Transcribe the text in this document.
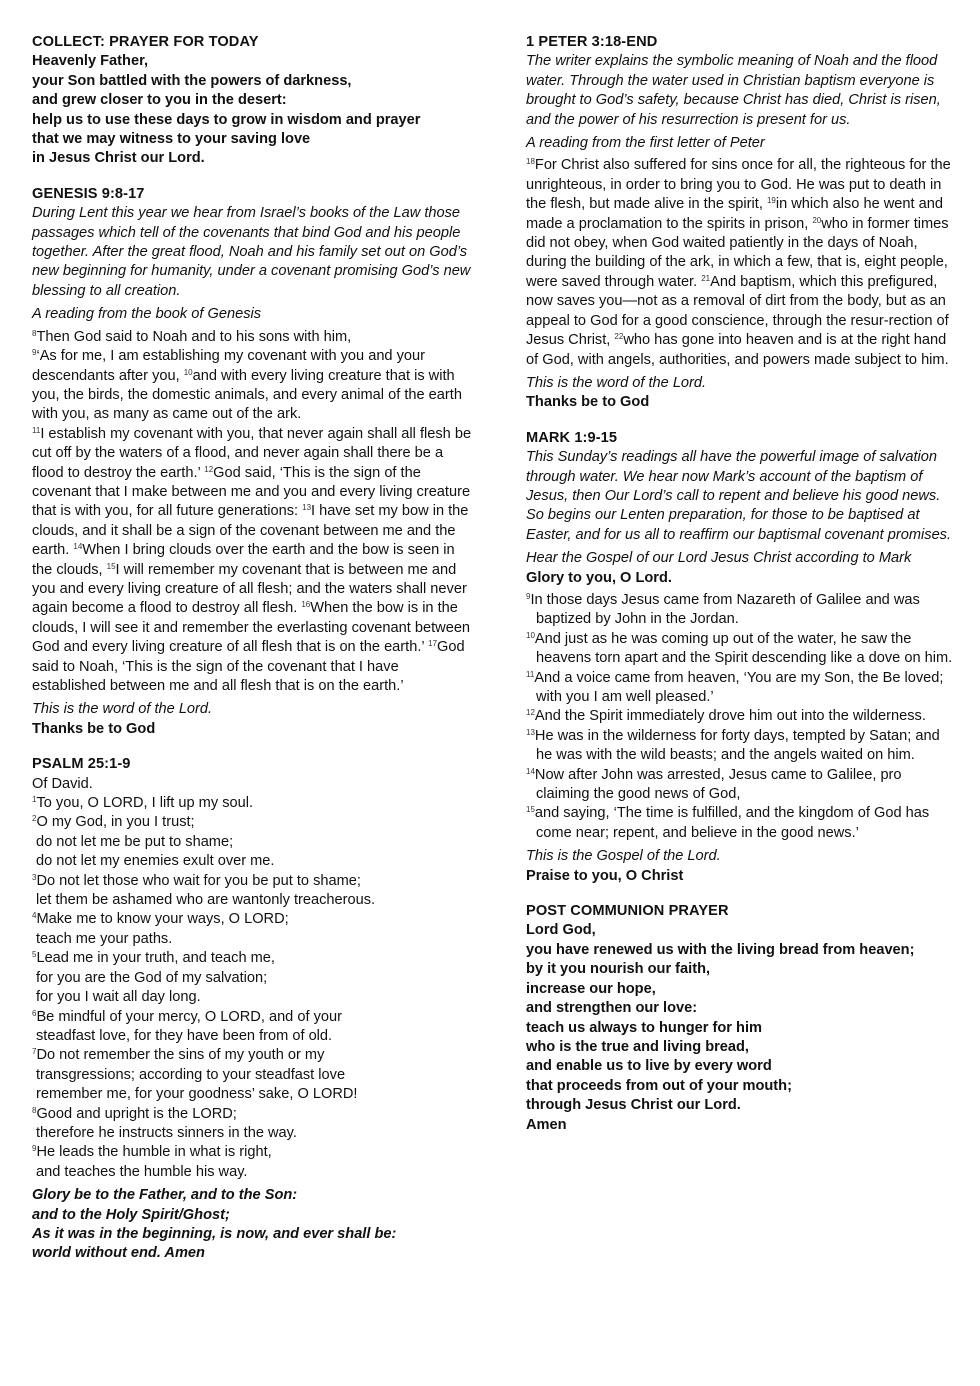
COLLECT: PRAYER FOR TODAY
Heavenly Father,
your Son battled with the powers of darkness,
and grew closer to you in the desert:
help us to use these days to grow in wisdom and prayer
that we may witness to your saving love
in Jesus Christ our Lord.
GENESIS 9:8-17
During Lent this year we hear from Israel’s books of the Law those passages which tell of the covenants that bind God and his people together. After the great flood, Noah and his family set out on God’s new beginning for humanity, under a covenant promising God’s new blessing to all creation.
A reading from the book of Genesis
$^8$Then God said to Noah and to his sons with him,
$^9$‘As for me, I am establishing my covenant with you and your descendants after you, $^{10}$and with every living creature that is with you, the birds, the domestic animals, and every animal of the earth with you, as many as came out of the ark.
$^{11}$I establish my covenant with you, that never again shall all flesh be cut off by the waters of a flood, and never again shall there be a flood to destroy the earth.’ $^{12}$God said, ‘This is the sign of the covenant that I make between me and you and every living creature that is with you, for all future generations: $^{13}$I have set my bow in the clouds, and it shall be a sign of the covenant between me and the earth. $^{14}$When I bring clouds over the earth and the bow is seen in the clouds, $^{15}$I will remember my covenant that is between me and you and every living creature of all flesh; and the waters shall never again become a flood to destroy all flesh. $^{16}$When the bow is in the clouds, I will see it and remember the everlasting covenant between God and every living creature of all flesh that is on the earth.’ $^{17}$God said to Noah, ‘This is the sign of the covenant that I have established between me and all flesh that is on the earth.’
This is the word of the Lord.
Thanks be to God
PSALM 25:1-9
Of David.
$^1$To you, O LORD, I lift up my soul.
$^2$O my God, in you I trust;
do not let me be put to shame;
do not let my enemies exult over me.
$^3$Do not let those who wait for you be put to shame;
let them be ashamed who are wantonly treacherous.
$^4$Make me to know your ways, O LORD;
teach me your paths.
$^5$Lead me in your truth, and teach me,
for you are the God of my salvation;
for you I wait all day long.
$^6$Be mindful of your mercy, O LORD, and of your
steadfast love, for they have been from of old.
$^7$Do not remember the sins of my youth or my
transgressions; according to your steadfast love
remember me, for your goodness’ sake, O LORD!
$^8$Good and upright is the LORD;
therefore he instructs sinners in the way.
$^9$He leads the humble in what is right,
and teaches the humble his way.
Glory be to the Father, and to the Son:
and to the Holy Spirit/Ghost;
As it was in the beginning, is now, and ever shall be:
world without end. Amen
1 PETER 3:18-END
The writer explains the symbolic meaning of Noah and the flood water. Through the water used in Christian baptism everyone is brought to God’s safety, because Christ has died, Christ is risen, and the power of his resurrection is present for us.
A reading from the first letter of Peter
$^{18}$For Christ also suffered for sins once for all, the righteous for the unrighteous, in order to bring you to God. He was put to death in the flesh, but made alive in the spirit, $^{19}$in which also he went and made a proclamation to the spirits in prison, $^{20}$who in former times did not obey, when God waited patiently in the days of Noah, during the building of the ark, in which a few, that is, eight people, were saved through water. $^{21}$And baptism, which this prefigured, now saves you—not as a removal of dirt from the body, but as an appeal to God for a good conscience, through the resur-rection of Jesus Christ, $^{22}$who has gone into heaven and is at the right hand of God, with angels, authorities, and powers made subject to him.
This is the word of the Lord.
Thanks be to God
MARK 1:9-15
This Sunday’s readings all have the powerful image of salvation through water. We hear now Mark’s account of the baptism of Jesus, then Our Lord’s call to repent and believe his good news. So begins our Lenten preparation, for those to be baptised at Easter, and for us all to reaffirm our baptismal covenant promises.
Hear the Gospel of our Lord Jesus Christ according to Mark
Glory to you, O Lord.
$^9$In those days Jesus came from Nazareth of Galilee and was baptized by John in the Jordan.
$^{10}$And just as he was coming up out of the water, he saw the heavens torn apart and the Spirit descending like a dove on him.
$^{11}$And a voice came from heaven, ‘You are my Son, the Be loved; with you I am well pleased.’
$^{12}$And the Spirit immediately drove him out into the wilderness.
$^{13}$He was in the wilderness for forty days, tempted by Satan; and he was with the wild beasts; and the angels waited on him.
$^{14}$Now after John was arrested, Jesus came to Galilee, pro claiming the good news of God,
$^{15}$and saying, ‘The time is fulfilled, and the kingdom of God has come near; repent, and believe in the good news.’
This is the Gospel of the Lord.
Praise to you, O Christ
POST COMMUNION PRAYER
Lord God,
you have renewed us with the living bread from heaven;
by it you nourish our faith,
increase our hope,
and strengthen our love:
teach us always to hunger for him
who is the true and living bread,
and enable us to live by every word
that proceeds from out of your mouth;
through Jesus Christ our Lord.
Amen
